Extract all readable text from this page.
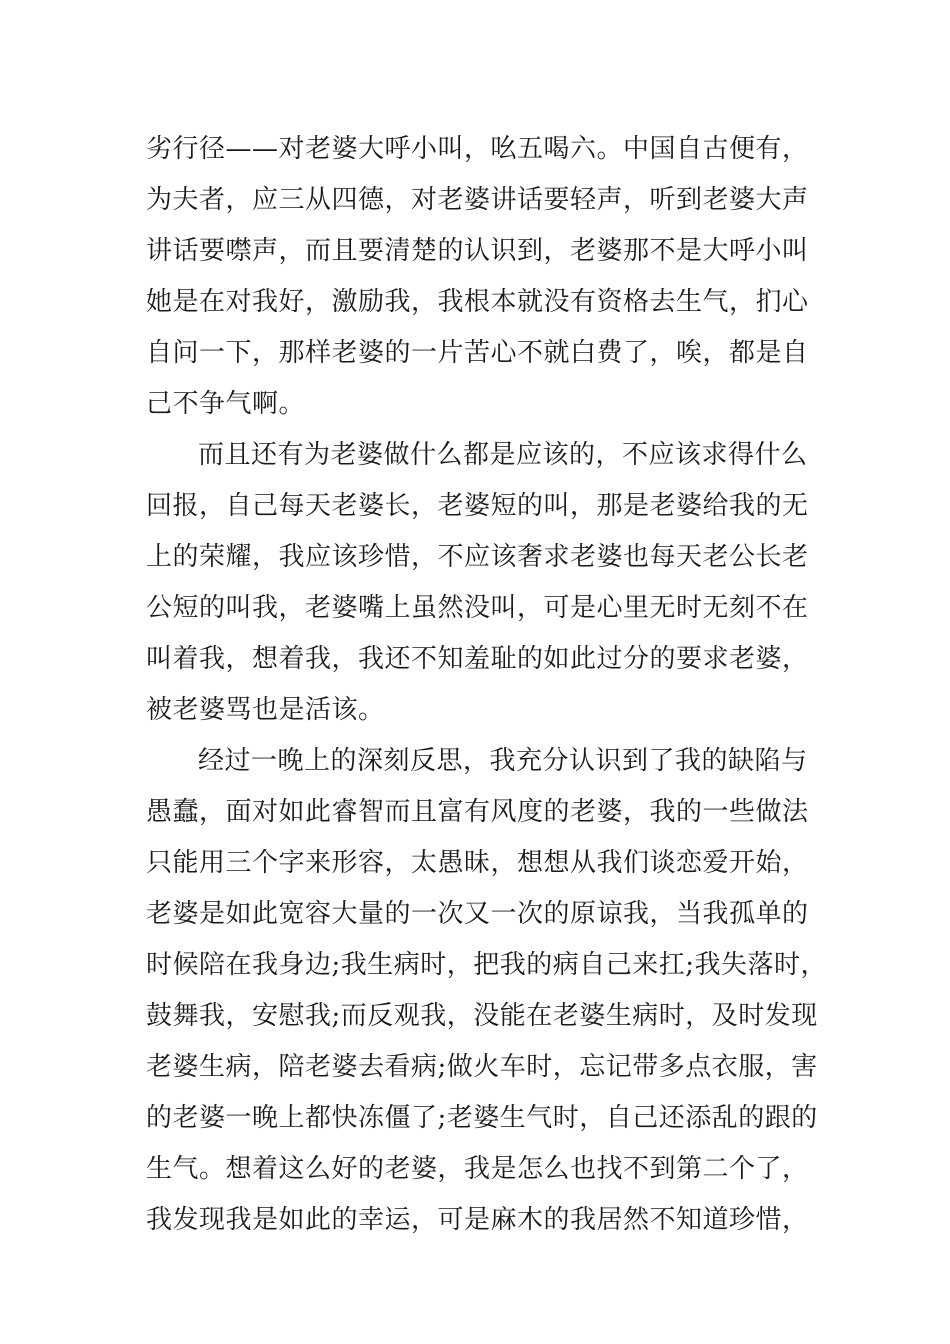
劣行径——对老婆大呼小叫，吆五喝六。中国自古便有，
为夫者，应三从四德，对老婆讲话要轻声，听到老婆大声
讲话要噤声，而且要清楚的认识到，老婆那不是大呼小叫
她是在对我好，激励我，我根本就没有资格去生气，扪心
自问一下，那样老婆的一片苦心不就白费了，唉，都是自
己不争气啊。
而且还有为老婆做什么都是应该的，不应该求得什么
回报，自己每天老婆长，老婆短的叫，那是老婆给我的无
上的荣耀，我应该珍惜，不应该奢求老婆也每天老公长老
公短的叫我，老婆嘴上虽然没叫，可是心里无时无刻不在
叫着我，想着我，我还不知羞耻的如此过分的要求老婆，
被老婆骂也是活该。
经过一晚上的深刻反思，我充分认识到了我的缺陷与
愚蠢，面对如此睿智而且富有风度的老婆，我的一些做法
只能用三个字来形容，太愚昧，想想从我们谈恋爱开始，
老婆是如此宽容大量的一次又一次的原谅我，当我孤单的
时候陪在我身边;我生病时，把我的病自己来扛;我失落时，
鼓舞我，安慰我;而反观我，没能在老婆生病时，及时发现
老婆生病，陪老婆去看病;做火车时，忘记带多点衣服，害
的老婆一晚上都快冻僵了;老婆生气时，自己还添乱的跟的
生气。想着这么好的老婆，我是怎么也找不到第二个了，
我发现我是如此的幸运，可是麻木的我居然不知道珍惜，
